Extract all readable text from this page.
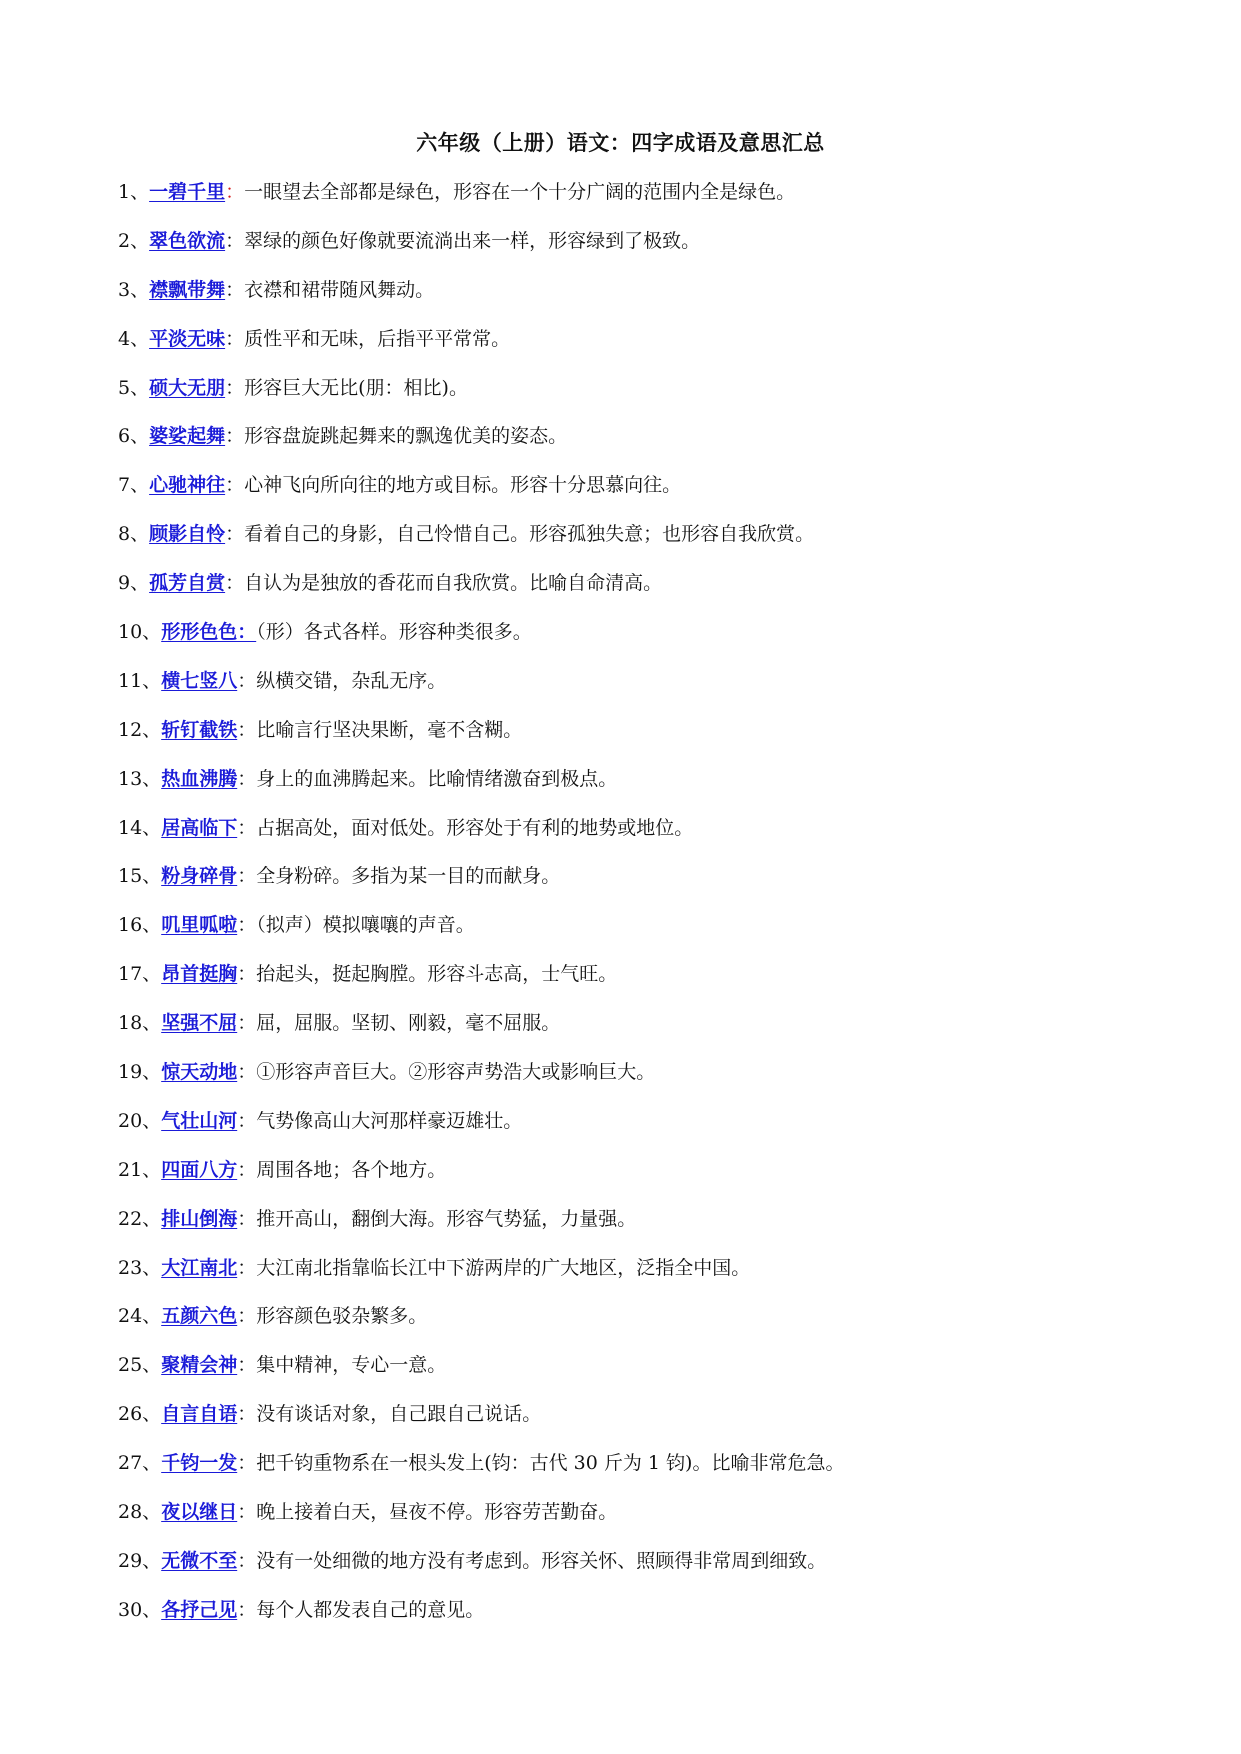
六年级（上册）语文：四字成语及意思汇总
1、一碧千里：一眼望去全部都是绿色，形容在一个十分广阔的范围内全是绿色。
2、翠色欲流：翠绿的颜色好像就要流淌出来一样，形容绿到了极致。
3、襟飘带舞：衣襟和裙带随风舞动。
4、平淡无味：质性平和无味，后指平平常常。
5、硕大无朋：形容巨大无比(朋：相比)。
6、婆娑起舞：形容盘旋跳起舞来的飘逸优美的姿态。
7、心驰神往：心神飞向所向往的地方或目标。形容十分思慕向往。
8、顾影自怜：看着自己的身影，自己怜惜自己。形容孤独失意；也形容自我欣赏。
9、孤芳自赏：自认为是独放的香花而自我欣赏。比喻自命清高。
10、形形色色：（形）各式各样。形容种类很多。
11、横七竖八：纵横交错，杂乱无序。
12、斩钉截铁：比喻言行坚决果断，毫不含糊。
13、热血沸腾：身上的血沸腾起来。比喻情绪激奋到极点。
14、居高临下：占据高处，面对低处。形容处于有利的地势或地位。
15、粉身碎骨：全身粉碎。多指为某一目的而献身。
16、叽里呱啦：（拟声）模拟嚷嚷的声音。
17、昂首挺胸：抬起头，挺起胸膛。形容斗志高，士气旺。
18、坚强不屈：屈，屈服。坚韧、刚毅，毫不屈服。
19、惊天动地：①形容声音巨大。②形容声势浩大或影响巨大。
20、气壮山河：气势像高山大河那样豪迈雄壮。
21、四面八方：周围各地；各个地方。
22、排山倒海：推开高山，翻倒大海。形容气势猛，力量强。
23、大江南北：大江南北指靠临长江中下游两岸的广大地区，泛指全中国。
24、五颜六色：形容颜色驳杂繁多。
25、聚精会神：集中精神，专心一意。
26、自言自语：没有谈话对象，自己跟自己说话。
27、千钧一发：把千钧重物系在一根头发上(钧：古代 30 斤为 1 钧)。比喻非常危急。
28、夜以继日：晚上接着白天，昼夜不停。形容劳苦勤奋。
29、无微不至：没有一处细微的地方没有考虑到。形容关怀、照顾得非常周到细致。
30、各抒己见：每个人都发表自己的意见。
